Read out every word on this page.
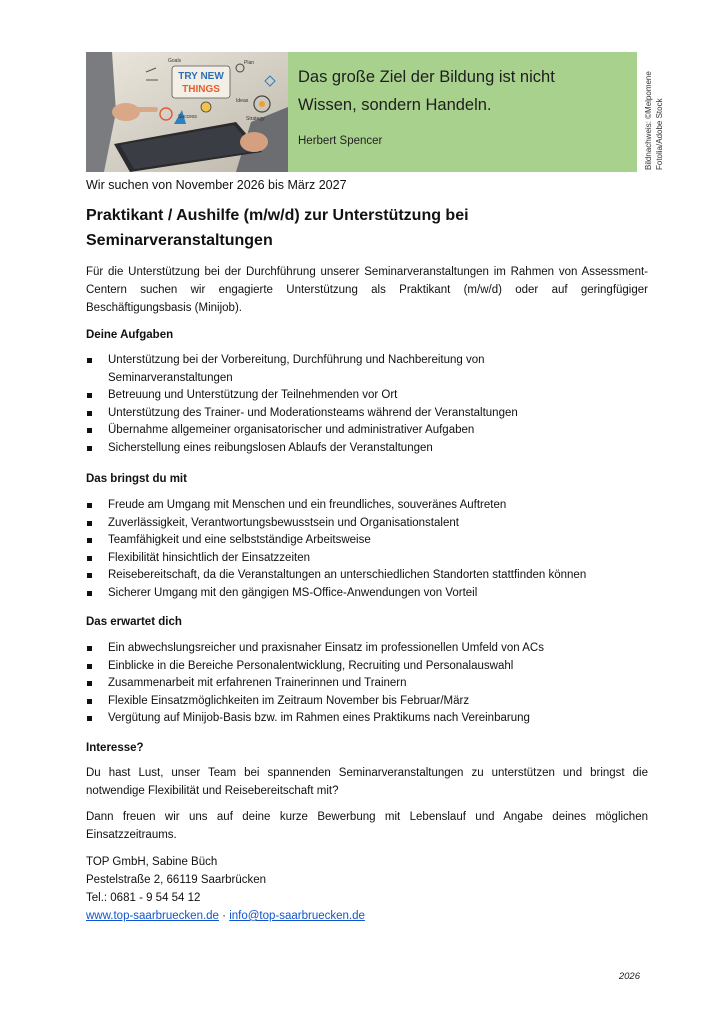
TRY NEW
THINGS
Goals	Plan
Ideas
Success	Strategy
Das große Ziel der Bildung ist nicht
Wissen, sondern Handeln.
Herbert Spencer	Bildnachweis: ©Melpomene Fotolia/Adobe Stock
Wir suchen von November 2026 bis März 2027
Praktikant / Aushilfe (m/w/d) zur Unterstützung bei
Seminarveranstaltungen
Für die Unterstützung bei der Durchführung unserer Seminarveranstaltungen im Rahmen von Assessment-Centern suchen wir engagierte Unterstützung als Praktikant (m/w/d) oder auf geringfügiger Beschäftigungsbasis (Minijob).
Deine Aufgaben
Unterstützung bei der Vorbereitung, Durchführung und Nachbereitung von Seminarveranstaltungen
Betreuung und Unterstützung der Teilnehmenden vor Ort
Unterstützung des Trainer- und Moderationsteams während der Veranstaltungen
Übernahme allgemeiner organisatorischer und administrativer Aufgaben
Sicherstellung eines reibungslosen Ablaufs der Veranstaltungen
Das bringst du mit
Freude am Umgang mit Menschen und ein freundliches, souveränes Auftreten
Zuverlässigkeit, Verantwortungsbewusstsein und Organisationstalent
Teamfähigkeit und eine selbstständige Arbeitsweise
Flexibilität hinsichtlich der Einsatzzeiten
Reisebereitschaft, da die Veranstaltungen an unterschiedlichen Standorten stattfinden können
Sicherer Umgang mit den gängigen MS-Office-Anwendungen von Vorteil
Das erwartet dich
Ein abwechslungsreicher und praxisnaher Einsatz im professionellen Umfeld von ACs
Einblicke in die Bereiche Personalentwicklung, Recruiting und Personalauswahl
Zusammenarbeit mit erfahrenen Trainerinnen und Trainern
Flexible Einsatzmöglichkeiten im Zeitraum November bis Februar/März
Vergütung auf Minijob-Basis bzw. im Rahmen eines Praktikums nach Vereinbarung
Interesse?
Du hast Lust, unser Team bei spannenden Seminarveranstaltungen zu unterstützen und bringst die notwendige Flexibilität und Reisebereitschaft mit?
Dann freuen wir uns auf deine kurze Bewerbung mit Lebenslauf und Angabe deines möglichen Einsatzzeitraums.
TOP GmbH, Sabine Büch
Pestelstraße 2, 66119 Saarbrücken
Tel.: 0681 - 9 54 54 12
www.top-saarbruecken.de · info@top-saarbruecken.de
2026
